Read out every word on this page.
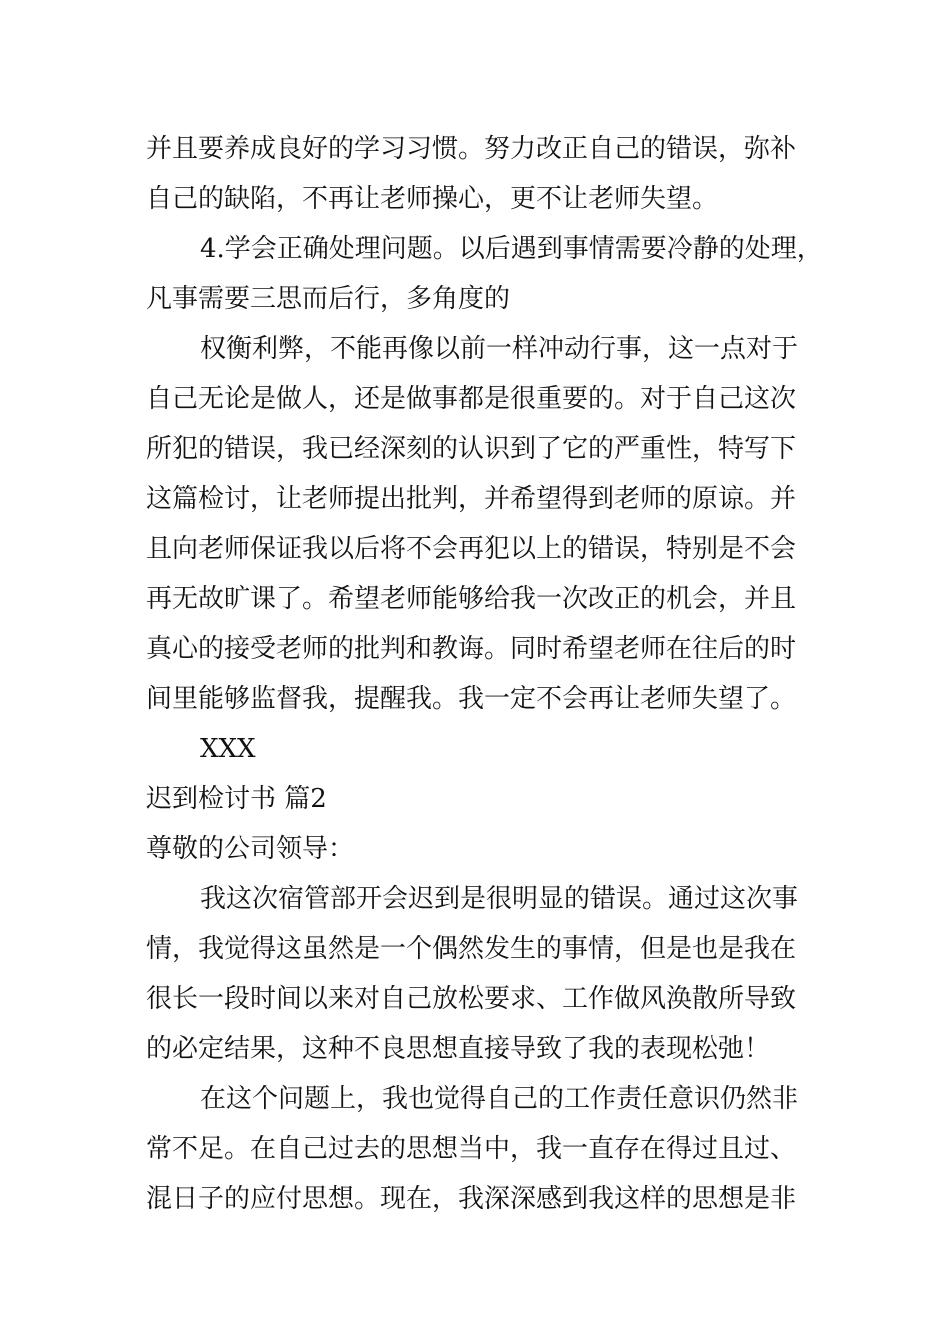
并且要养成良好的学习习惯。努力改正自己的错误，弥补
自己的缺陷，不再让老师操心，更不让老师失望。
4.学会正确处理问题。以后遇到事情需要冷静的处理，
凡事需要三思而后行，多角度的
权衡利弊，不能再像以前一样冲动行事，这一点对于
自己无论是做人，还是做事都是很重要的。对于自己这次
所犯的错误，我已经深刻的认识到了它的严重性，特写下
这篇检讨，让老师提出批判，并希望得到老师的原谅。并
且向老师保证我以后将不会再犯以上的错误，特别是不会
再无故旷课了。希望老师能够给我一次改正的机会，并且
真心的接受老师的批判和教诲。同时希望老师在往后的时
间里能够监督我，提醒我。我一定不会再让老师失望了。
XXX
迟到检讨书 篇2
尊敬的公司领导：
我这次宿管部开会迟到是很明显的错误。通过这次事
情，我觉得这虽然是一个偶然发生的事情，但是也是我在
很长一段时间以来对自己放松要求、工作做风涣散所导致
的必定结果，这种不良思想直接导致了我的表现松弛！
在这个问题上，我也觉得自己的工作责任意识仍然非
常不足。在自己过去的思想当中，我一直存在得过且过、
混日子的应付思想。现在，我深深感到我这样的思想是非
